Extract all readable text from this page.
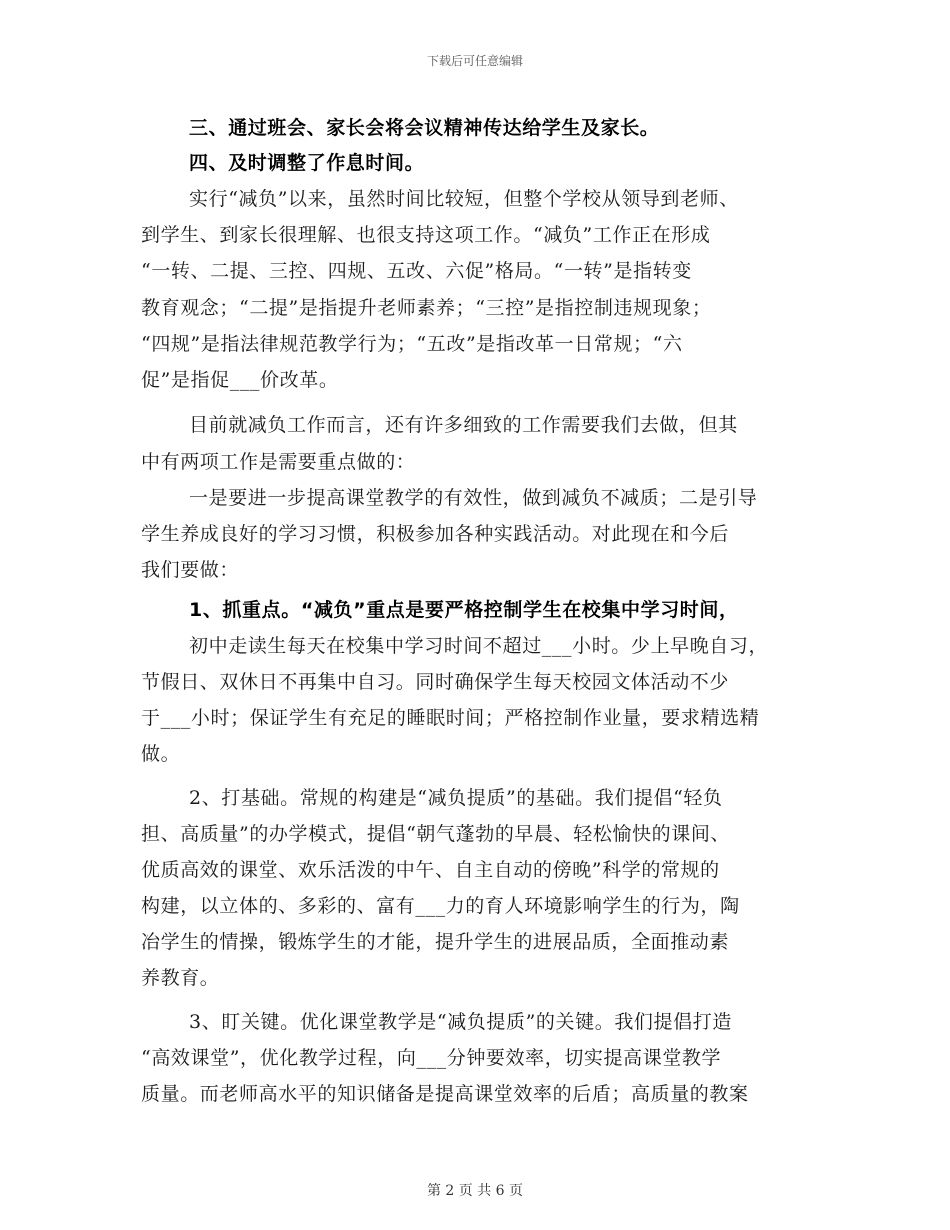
下载后可任意编辑
三、通过班会、家长会将会议精神传达给学生及家长。
四、及时调整了作息时间。
实行“减负”以来，虽然时间比较短，但整个学校从领导到老师、
到学生、到家长很理解、也很支持这项工作。“减负”工作正在形成
“一转、二提、三控、四规、五改、六促”格局。“一转”是指转变
教育观念；“二提”是指提升老师素养；“三控”是指控制违规现象；
“四规”是指法律规范教学行为；“五改”是指改革一日常规；“六
促”是指促___价改革。
目前就减负工作而言，还有许多细致的工作需要我们去做，但其
中有两项工作是需要重点做的：
一是要进一步提高课堂教学的有效性，做到减负不减质；二是引导
学生养成良好的学习习惯，积极参加各种实践活动。对此现在和今后
我们要做：
1、抓重点。“减负”重点是要严格控制学生在校集中学习时间，
初中走读生每天在校集中学习时间不超过___小时。少上早晚自习，
节假日、双休日不再集中自习。同时确保学生每天校园文体活动不少
于___小时；保证学生有充足的睡眠时间；严格控制作业量，要求精选精
做。
2、打基础。常规的构建是“减负提质”的基础。我们提倡“轻负
担、高质量”的办学模式，提倡“朝气蓬勃的早晨、轻松愉快的课间、
优质高效的课堂、欢乐活泼的中午、自主自动的傍晚”科学的常规的
构建，以立体的、多彩的、富有___力的育人环境影响学生的行为，陶
冶学生的情操，锻炼学生的才能，提升学生的进展品质，全面推动素
养教育。
3、盯关键。优化课堂教学是“减负提质”的关键。我们提倡打造
“高效课堂”，优化教学过程，向___分钟要效率，切实提高课堂教学
质量。而老师高水平的知识储备是提高课堂效率的后盾；高质量的教案
第 2 页 共 6 页
